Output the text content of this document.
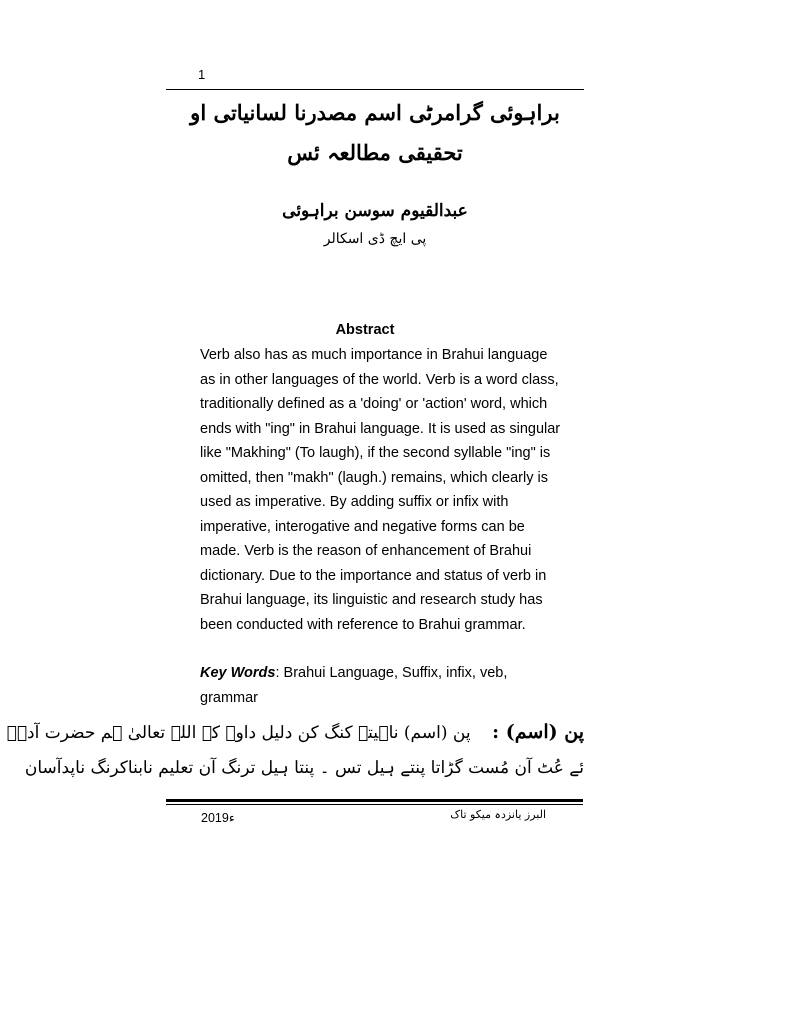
1
براہوئی گرامرٹی اسم مصدرنا لسانیاتی او
تحقیقی مطالعہ ئس
عبدالقیوم سوسن براہوئی
پی ایچ ڈی اسکالر
Abstract
Verb also has as much importance in Brahui language
as in other languages of the world. Verb is a word class,
traditionally defined as a 'doing' or 'action' word, which
ends with "ing" in Brahui language. It is used as singular
like "Makhing" (To laugh), if the second syllable "ing" is
omitted, then "makh" (laugh.) remains, which clearly is
used as imperative. By adding suffix or infix with
imperative, interogative and negative forms can be
made. Verb is the reason of enhancement of Brahui
dictionary. Due to the importance and status of verb in
Brahui language, its linguistic and research study has
been conducted with reference to Brahui grammar.
Key Words: Brahui Language, Suffix, infix, veb, grammar
پن (اسم) :    پن (اسم) ناہیتے کنگ کن دلیل داوے کہ اللہ تعالیٰ ہم حضرت آدمؑ
ئے عُٹ آن مُست گڑاتا پنتے ہیل تس ۔ پنتا ہیل ترنگ آن تعلیم نابناکرنگ ناپدآسان
2019ء	البرز یانزدہ میکو تاک
